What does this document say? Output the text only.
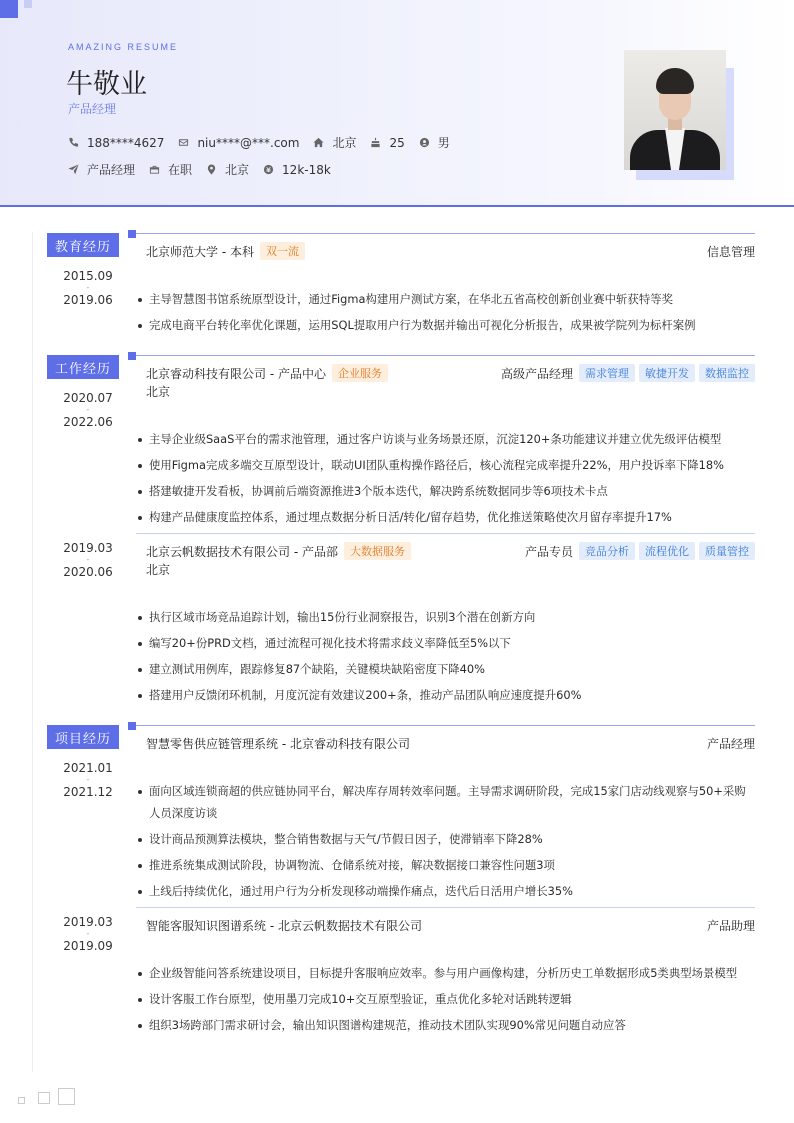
AMAZING RESUME
牛敬业
产品经理
188****4627	niu****@***.com	北京	25	男
产品经理	在职	北京	12k-18k
教育经历
2015.09
-
2019.06
北京师范大学 - 本科	双一流	信息管理
主导智慧图书馆系统原型设计，通过Figma构建用户测试方案，在华北五省高校创新创业赛中斩获特等奖
完成电商平台转化率优化课题，运用SQL提取用户行为数据并输出可视化分析报告，成果被学院列为标杆案例
工作经历
2020.07
-
2022.06
北京睿动科技有限公司 - 产品中心	企业服务	高级产品经理	需求管理	敏捷开发	数据监控
北京
主导企业级SaaS平台的需求池管理，通过客户访谈与业务场景还原，沉淀120+条功能建议并建立优先级评估模型
使用Figma完成多端交互原型设计，联动UI团队重构操作路径后，核心流程完成率提升22%，用户投诉率下降18%
搭建敏捷开发看板，协调前后端资源推进3个版本迭代，解决跨系统数据同步等6项技术卡点
构建产品健康度监控体系，通过埋点数据分析日活/转化/留存趋势，优化推送策略使次月留存率提升17%
2019.03
-
2020.06
北京云帆数据技术有限公司 - 产品部	大数据服务	产品专员	竞品分析	流程优化	质量管控
北京
执行区域市场竞品追踪计划，输出15份行业洞察报告，识别3个潜在创新方向
编写20+份PRD文档，通过流程可视化技术将需求歧义率降低至5%以下
建立测试用例库，跟踪修复87个缺陷，关键模块缺陷密度下降40%
搭建用户反馈闭环机制，月度沉淀有效建议200+条，推动产品团队响应速度提升60%
项目经历
2021.01
-
2021.12
智慧零售供应链管理系统 - 北京睿动科技有限公司	产品经理
面向区域连锁商超的供应链协同平台，解决库存周转效率问题。主导需求调研阶段，完成15家门店动线观察与50+采购人员深度访谈
设计商品预测算法模块，整合销售数据与天气/节假日因子，使滞销率下降28%
推进系统集成测试阶段，协调物流、仓储系统对接，解决数据接口兼容性问题3项
上线后持续优化，通过用户行为分析发现移动端操作痛点，迭代后日活用户增长35%
2019.03
-
2019.09
智能客服知识图谱系统 - 北京云帆数据技术有限公司	产品助理
企业级智能问答系统建设项目，目标提升客服响应效率。参与用户画像构建，分析历史工单数据形成5类典型场景模型
设计客服工作台原型，使用墨刀完成10+交互原型验证，重点优化多轮对话跳转逻辑
组织3场跨部门需求研讨会，输出知识图谱构建规范，推动技术团队实现90%常见问题自动应答
